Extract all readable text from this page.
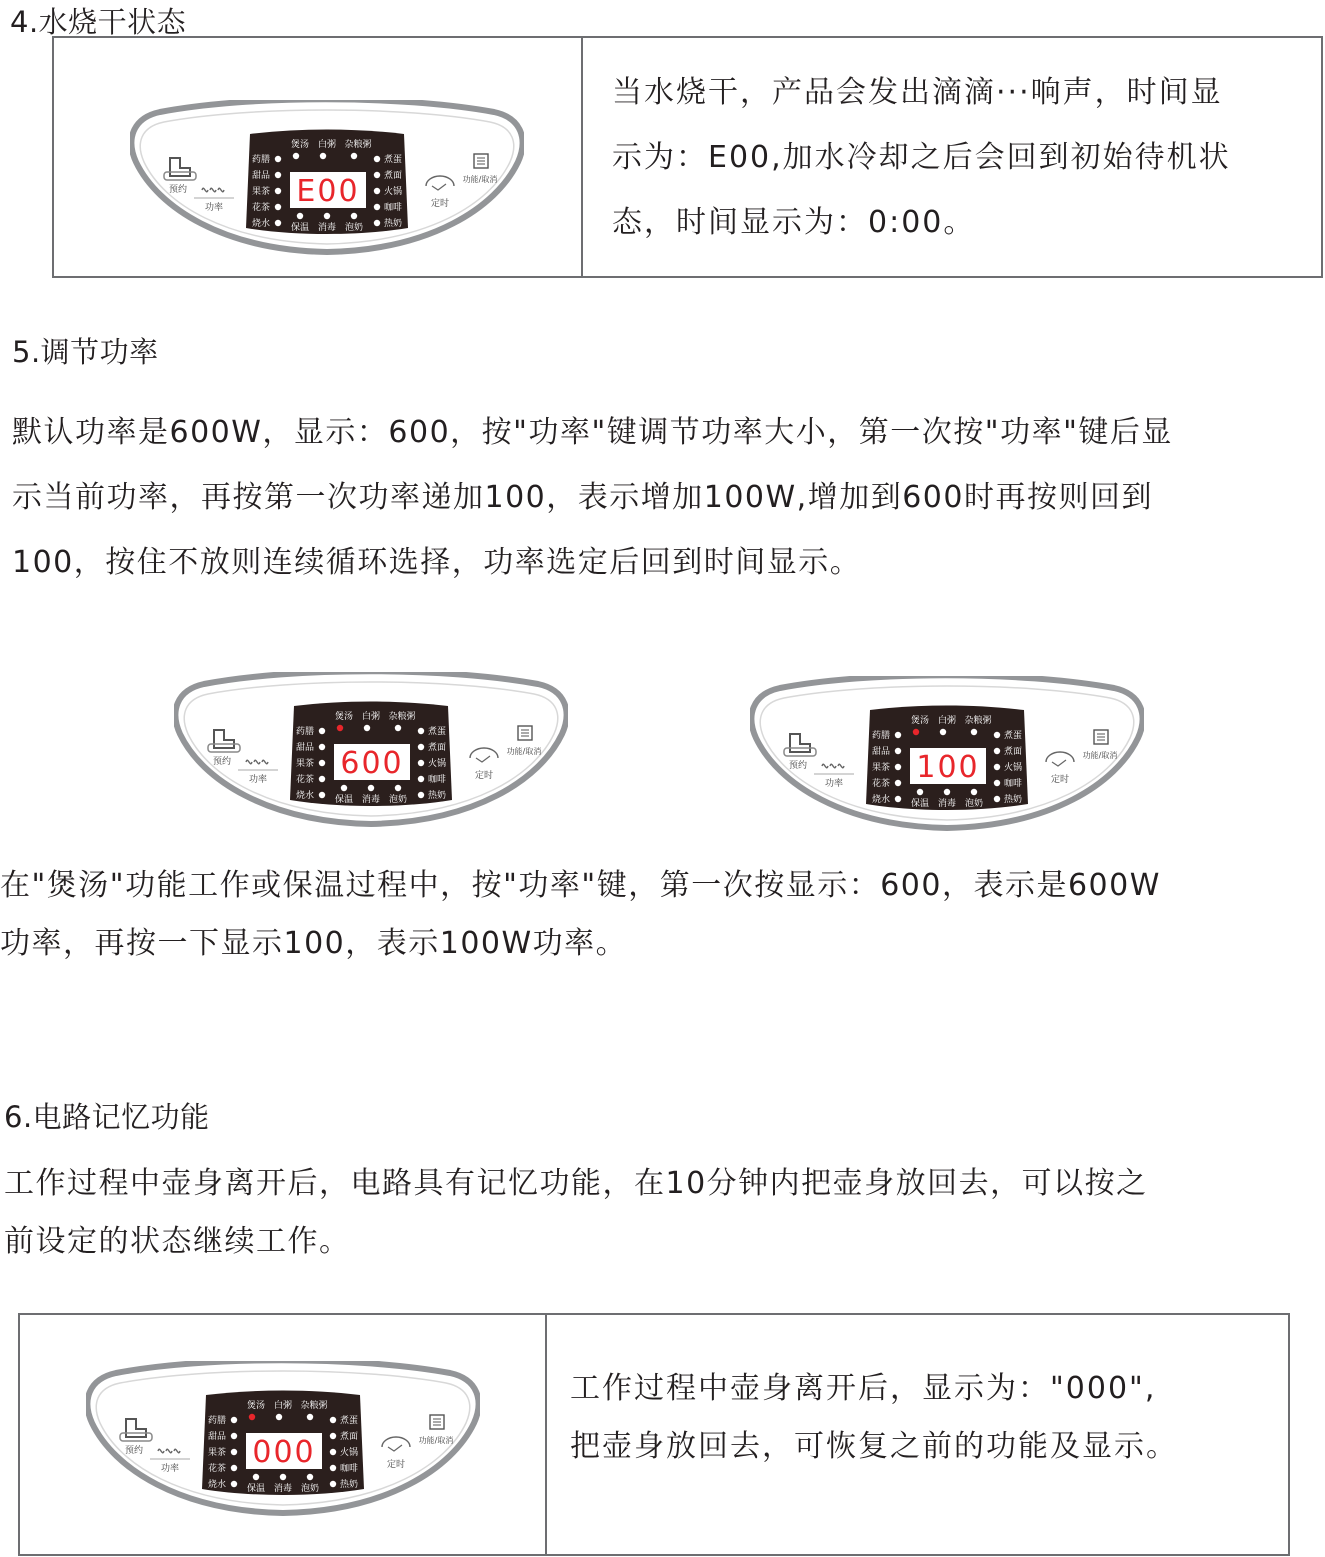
4.水烧干状态
预约
功率
功能/取消
定时
煲汤 白粥 杂粮粥
药膳
甜品
果茶
花茶
烧水
煮蛋
煮面
火锅
咖啡
热奶
保温 消毒 泡奶
E00
当水烧干，产品会发出滴滴···响声，时间显
示为：E00,加水冷却之后会回到初始待机状
态，时间显示为：0:00。
5.调节功率
默认功率是600W，显示：600，按"功率"键调节功率大小，第一次按"功率"键后显
示当前功率，再按第一次功率递加100，表示增加100W,增加到600时再按则回到
100，按住不放则连续循环选择，功率选定后回到时间显示。
预约
功率
功能/取消
定时
煲汤 白粥 杂粮粥
药膳
甜品
果茶
花茶
烧水
煮蛋
煮面
火锅
咖啡
热奶
保温 消毒 泡奶
600	预约
功率
功能/取消
定时
煲汤 白粥 杂粮粥
药膳
甜品
果茶
花茶
烧水
煮蛋
煮面
火锅
咖啡
热奶
保温 消毒 泡奶
100
在"煲汤"功能工作或保温过程中，按"功率"键，第一次按显示：600，表示是600W
功率，再按一下显示100，表示100W功率。
6.电路记忆功能
工作过程中壶身离开后，电路具有记忆功能，在10分钟内把壶身放回去，可以按之
前设定的状态继续工作。
预约
功率
功能/取消
定时
煲汤 白粥 杂粮粥
药膳
甜品
果茶
花茶
烧水
煮蛋
煮面
火锅
咖啡
热奶
保温 消毒 泡奶
000
工作过程中壶身离开后，显示为："000",
把壶身放回去，可恢复之前的功能及显示。
